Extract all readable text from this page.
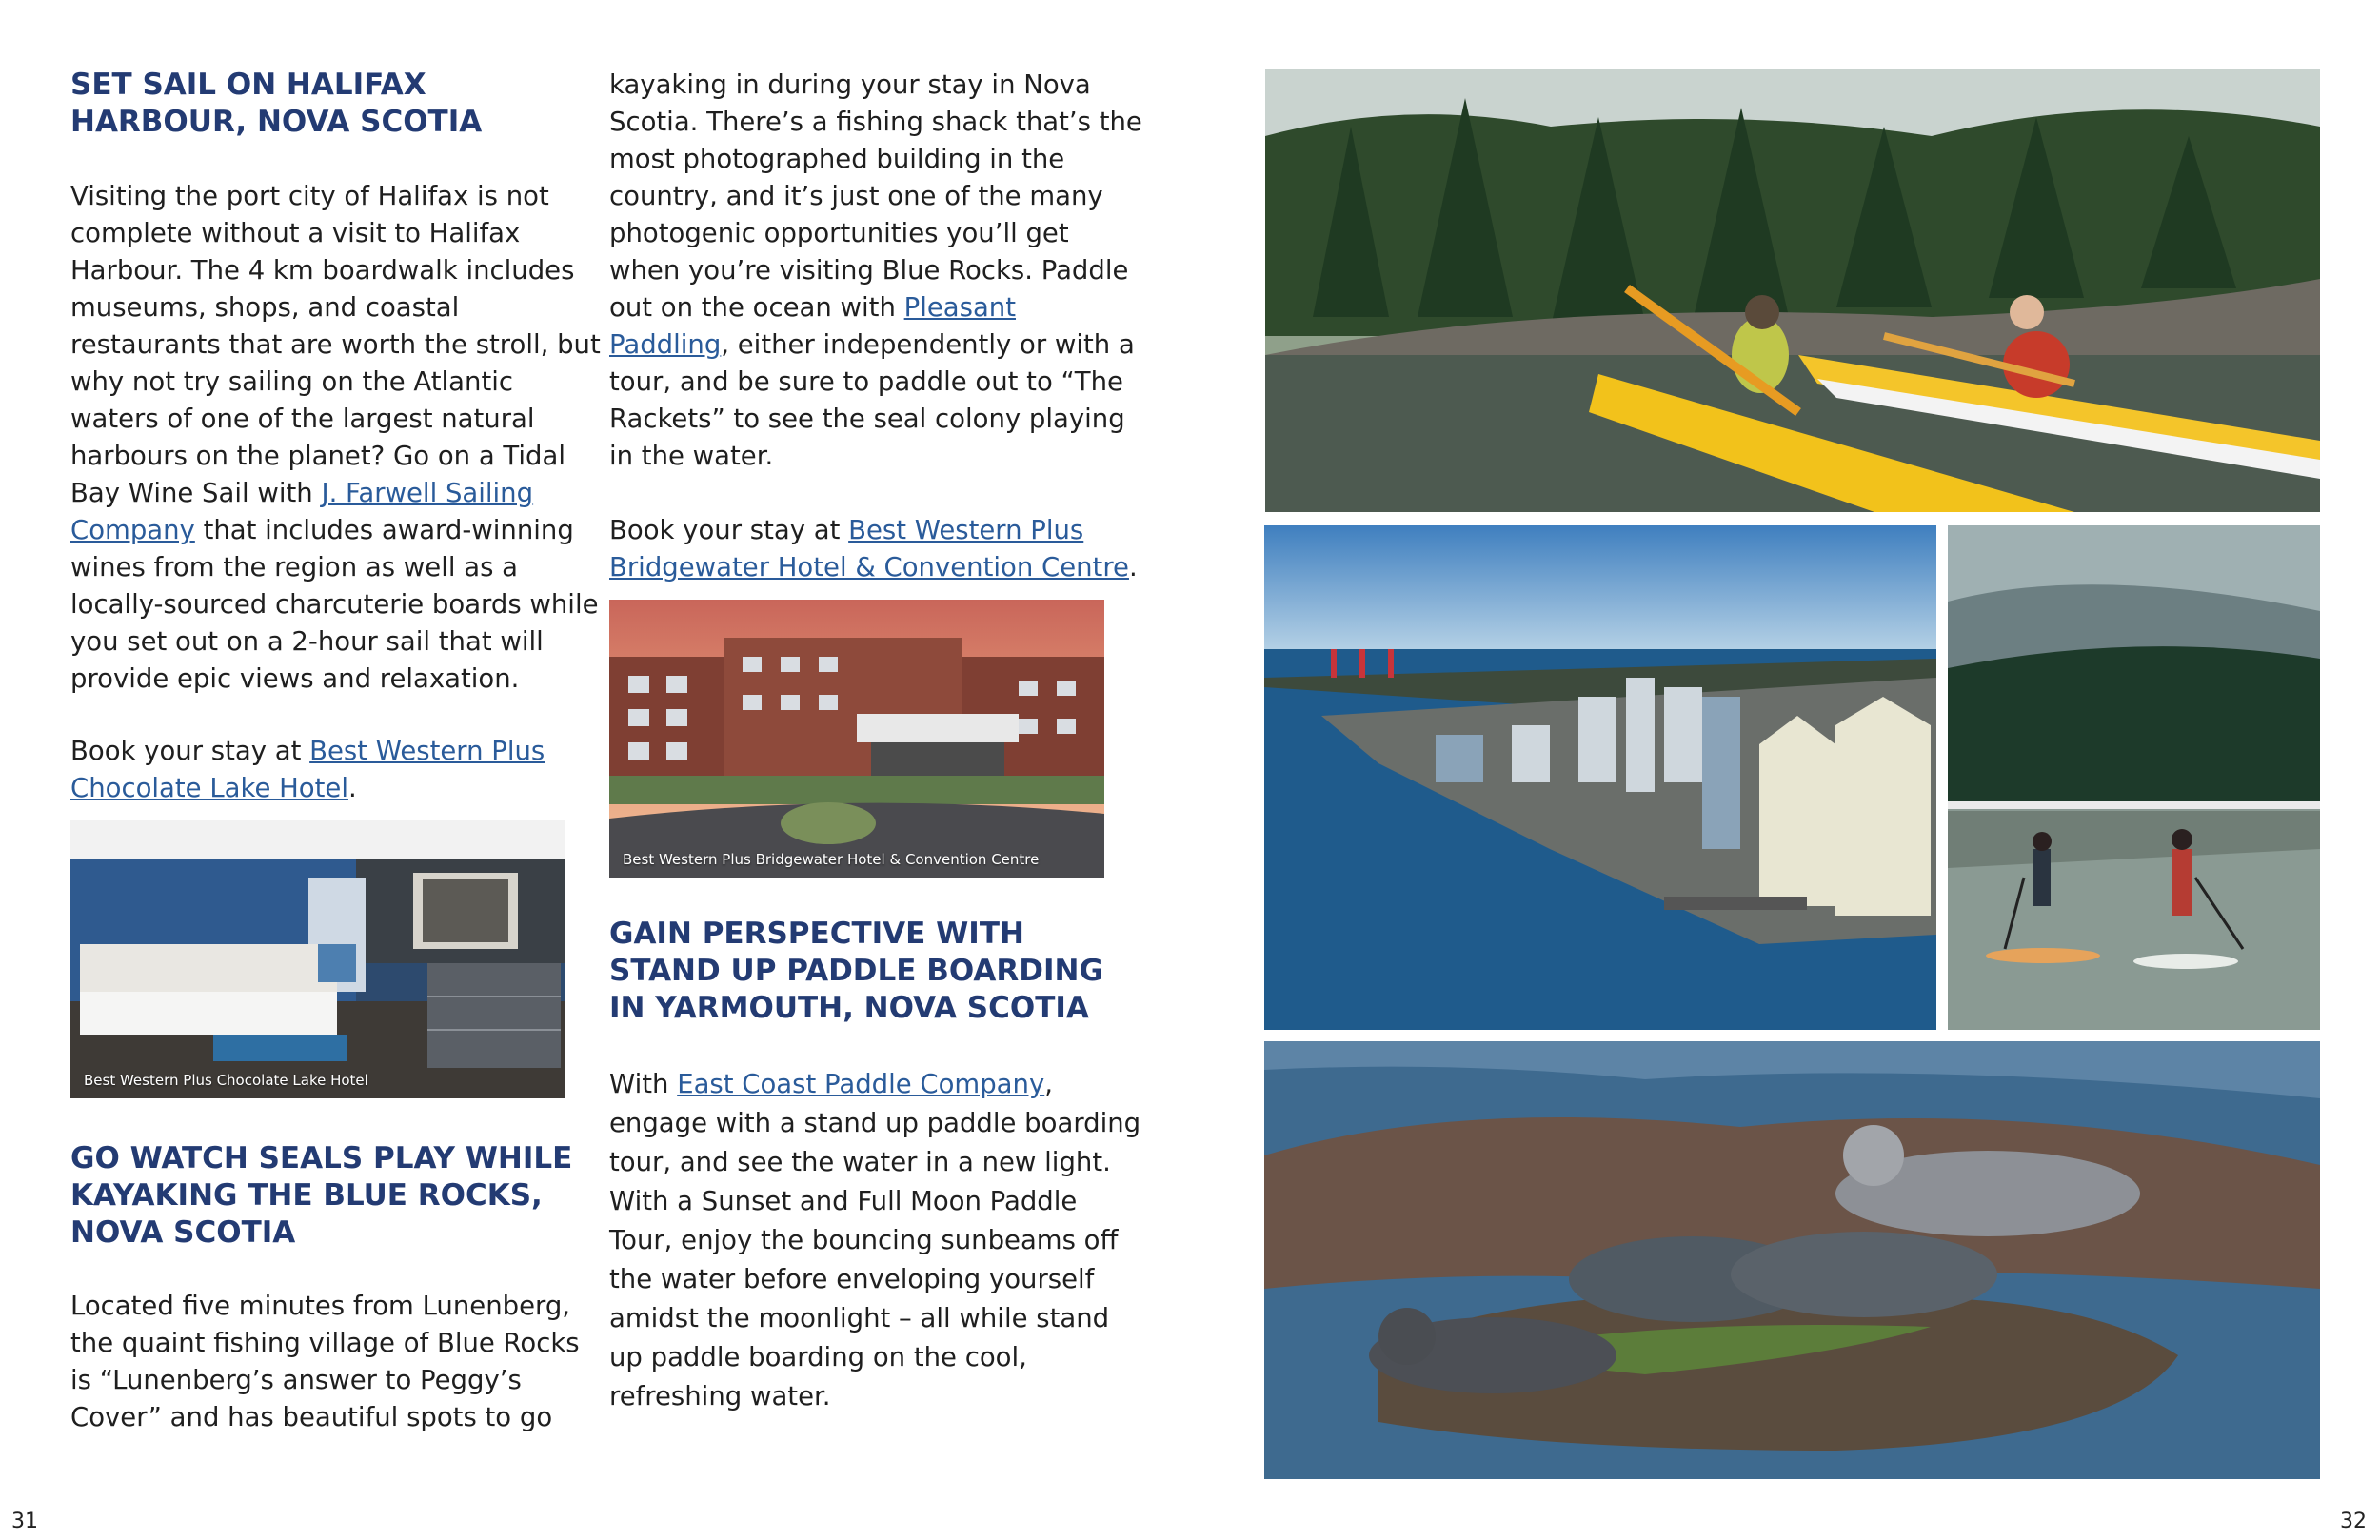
SET SAIL ON HALIFAX HARBOUR, NOVA SCOTIA

Visiting the port city of Halifax is not complete without a visit to Halifax Harbour. The 4 km boardwalk includes museums, shops, and coastal restaurants that are worth the stroll, but why not try sailing on the Atlantic waters of one of the largest natural harbours on the planet? Go on a Tidal Bay Wine Sail with J. Farwell Sailing Company that includes award-winning wines from the region as well as a locally-sourced charcuterie boards while you set out on a 2-hour sail that will provide epic views and relaxation.

Book your stay at Best Western Plus Chocolate Lake Hotel.

Best Western Plus Chocolate Lake Hotel
GO WATCH SEALS PLAY WHILE KAYAKING THE BLUE ROCKS, NOVA SCOTIA

Located five minutes from Lunenberg, the quaint fishing village of Blue Rocks is “Lunenberg’s answer to Peggy’s Cover” and has beautiful spots to go

kayaking in during your stay in Nova Scotia. There’s a fishing shack that’s the most photographed building in the country, and it’s just one of the many photogenic opportunities you’ll get when you’re visiting Blue Rocks. Paddle out on the ocean with Pleasant Paddling, either independently or with a tour, and be sure to paddle out to “The Rackets” to see the seal colony playing in the water.

Book your stay at Best Western Plus Bridgewater Hotel & Convention Centre.

Best Western Plus Bridgewater Hotel & Convention Centre
GAIN PERSPECTIVE WITH STAND UP PADDLE BOARDING IN YARMOUTH, NOVA SCOTIA

With East Coast Paddle Company, engage with a stand up paddle boarding tour, and see the water in a new light. With a Sunset and Full Moon Paddle Tour, enjoy the bouncing sunbeams off the water before enveloping yourself amidst the moonlight – all while stand up paddle boarding on the cool, refreshing water.

31	32
